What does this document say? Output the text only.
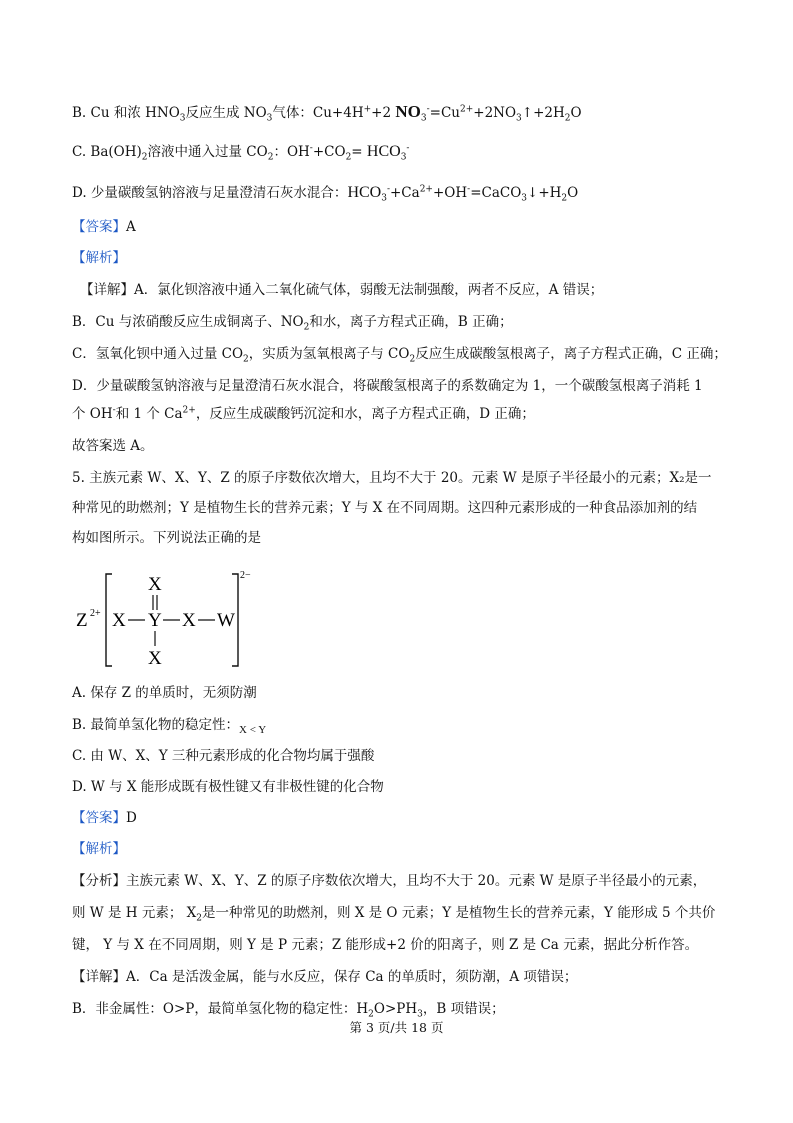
B. Cu 和浓 $HNO_3$反应生成 $NO_3$气体：Cu+4H++2 $NO_3^-=Cu^{2+}+2NO_3↑+2H_2O$
C. $Ba(OH)_2$溶液中通入过量 $CO_2$：$OH^-+CO_2= HCO_3^-$
D. 少量碳酸氢钠溶液与足量澄清石灰水混合：$HCO_3^-+Ca^{2+}+OH^-=CaCO_3↓+H_2O$
【答案】A
【解析】
【详解】A．氯化钡溶液中通入二氧化硫气体，弱酸无法制强酸，两者不反应，A 错误；
B．Cu 与浓硝酸反应生成铜离子、$NO_2$和水，离子方程式正确，B 正确；
C．氢氧化钡中通入过量 $CO_2$，实质为氢氧根离子与 $CO_2$反应生成碳酸氢根离子，离子方程式正确，C 正确；
D．少量碳酸氢钠溶液与足量澄清石灰水混合，将碳酸氢根离子的系数确定为 1，一个碳酸氢根离子消耗 1
个 OH-和 1 个 $Ca^{2+}$，反应生成碳酸钙沉淀和水，离子方程式正确，D 正确；
故答案选 A。
5. 主族元素 W、X、Y、Z 的原子序数依次增大，且均不大于 20。元素 W 是原子半径最小的元素；X₂是一
种常见的助燃剂；Y 是植物生长的营养元素；Y 与 X 在不同周期。这四种元素形成的一种食品添加剂的结
构如图所示。下列说法正确的是
Z 2+
X
X Y X W
X
2−
A. 保存 Z 的单质时，无须防潮
B. 最简单氢化物的稳定性：$_{X < Y}$
C. 由 W、X、Y 三种元素形成的化合物均属于强酸
D. W 与 X 能形成既有极性键又有非极性键的化合物
【答案】D
【解析】
【分析】主族元素 W、X、Y、Z 的原子序数依次增大，且均不大于 20。元素 W 是原子半径最小的元素，
则 W 是 H 元素； $X_2$是一种常见的助燃剂，则 X 是 O 元素；Y 是植物生长的营养元素，Y 能形成 5 个共价
键， Y 与 X 在不同周期，则 Y 是 P 元素；Z 能形成+2 价的阳离子，则 Z 是 Ca 元素，据此分析作答。
【详解】A．Ca 是活泼金属，能与水反应，保存 Ca 的单质时，须防潮，A 项错误；
B．非金属性：O>P，最简单氢化物的稳定性：$H_2O>PH_3$，B 项错误；
第 3 页/共 18 页
